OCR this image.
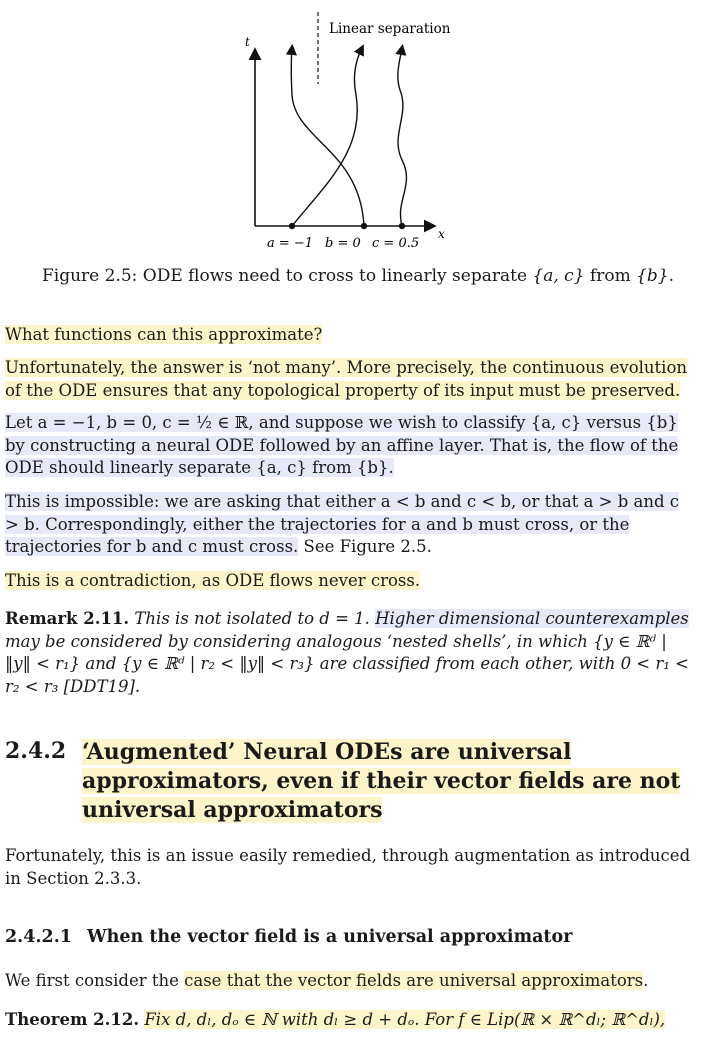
t
x
Linear separation
a = −1 b = 0 c = 0.5
Figure 2.5: ODE flows need to cross to linearly separate {a, c} from {b}.
What functions can this approximate?
Unfortunately, the answer is ‘not many’. More precisely, the continuous evolution of the ODE ensures that any topological property of its input must be preserved.
Let a = −1, b = 0, c = ½ ∈ ℝ, and suppose we wish to classify {a, c} versus {b} by constructing a neural ODE followed by an affine layer. That is, the flow of the ODE should linearly separate {a, c} from {b}.
This is impossible: we are asking that either a < b and c < b, or that a > b and c > b. Correspondingly, either the trajectories for a and b must cross, or the trajectories for b and c must cross. See Figure 2.5.
This is a contradiction, as ODE flows never cross.
Remark 2.11. This is not isolated to d = 1. Higher dimensional counterexamples may be considered by considering analogous ‘nested shells’, in which {y ∈ ℝᵈ | ‖y‖ < r₁} and {y ∈ ℝᵈ | r₂ < ‖y‖ < r₃} are classified from each other, with 0 < r₁ < r₂ < r₃ [DDT19].
2.4.2 ‘Augmented’ Neural ODEs are universal approximators, even if their vector fields are not universal approximators
Fortunately, this is an issue easily remedied, through augmentation as introduced in Section 2.3.3.
2.4.2.1 When the vector field is a universal approximator
We first consider the case that the vector fields are universal approximators.
Theorem 2.12. Fix d, dₗ, dₒ ∈ ℕ with dₗ ≥ d + dₒ. For f ∈ Lip(ℝ × ℝ^dₗ; ℝ^dₗ),
